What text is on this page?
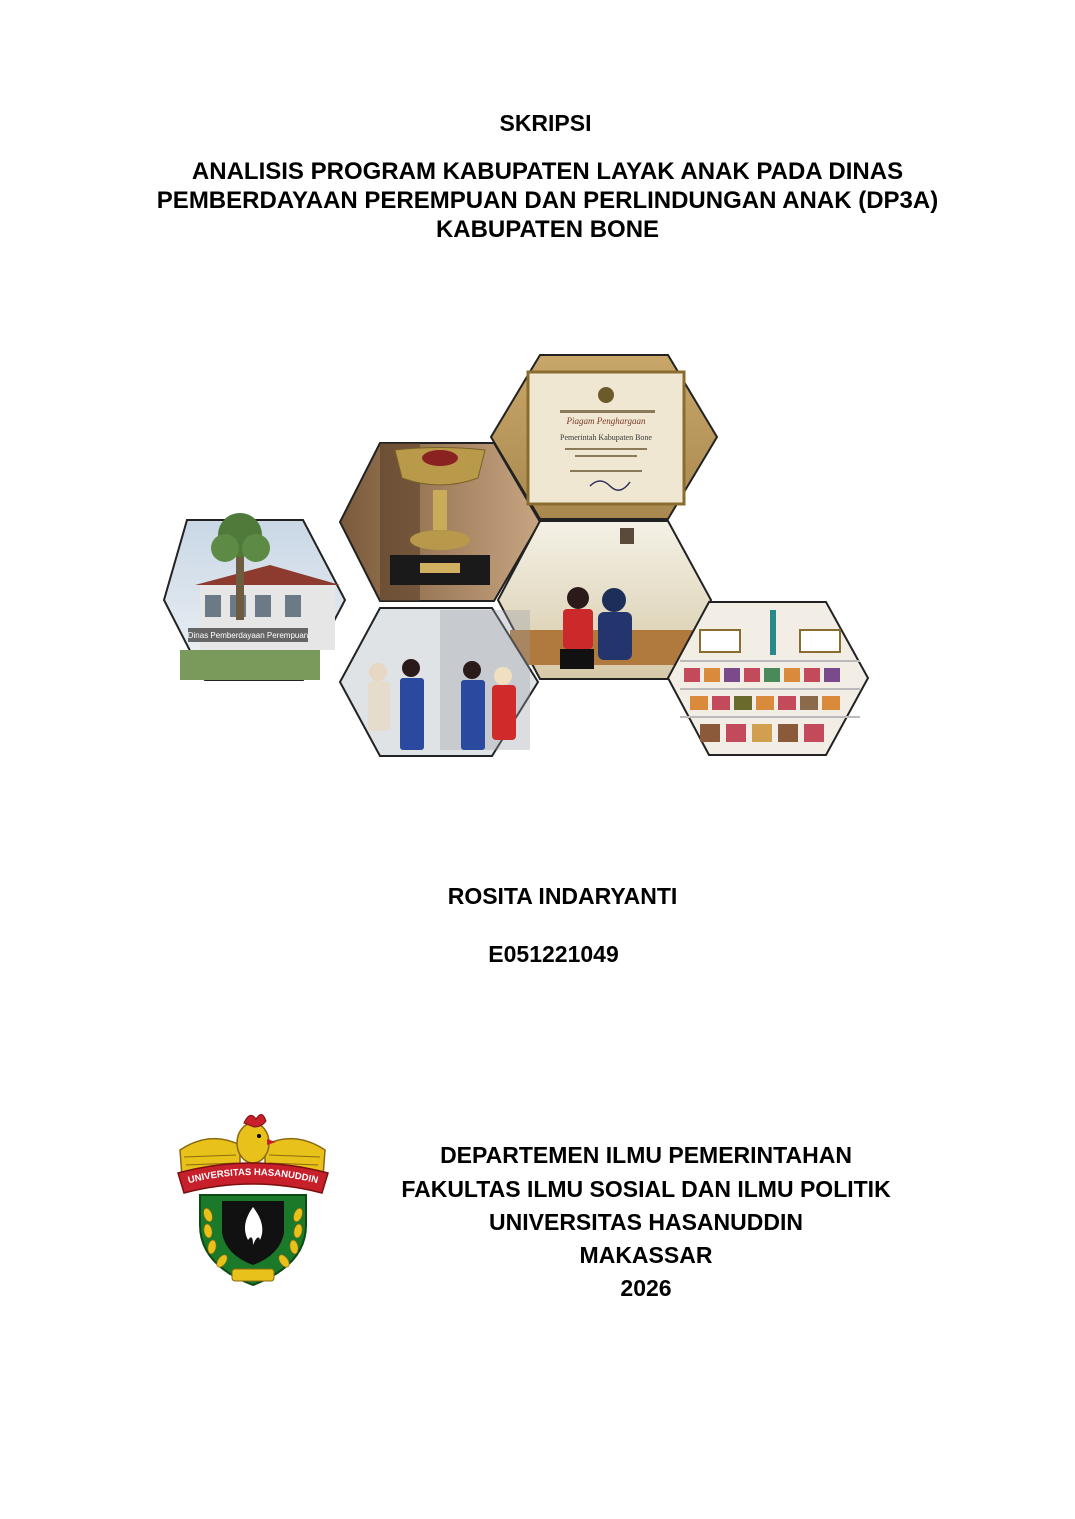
SKRIPSI
ANALISIS PROGRAM KABUPATEN LAYAK ANAK PADA DINAS
PEMBERDAYAAN PEREMPUAN DAN PERLINDUNGAN ANAK (DP3A)
KABUPATEN BONE
Dinas Pemberdayaan Perempuan
Piagam Penghargaan
Pemerintah Kabupaten Bone
ROSITA INDARYANTI
E051221049
UNIVERSITAS HASANUDDIN
DEPARTEMEN ILMU PEMERINTAHAN
FAKULTAS ILMU SOSIAL DAN ILMU POLITIK
UNIVERSITAS HASANUDDIN
MAKASSAR
2026
